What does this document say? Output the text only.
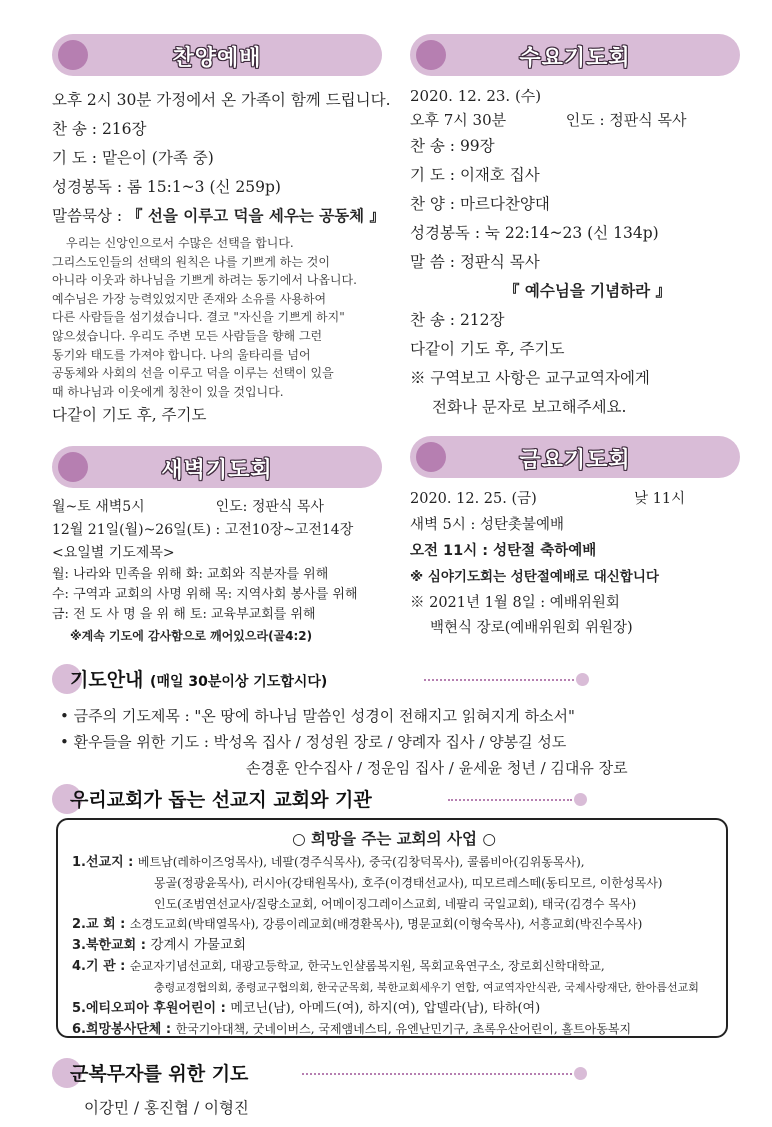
찬양예배
오후 2시 30분 가정에서 온 가족이 함께 드립니다.
찬 송 : 216장
기 도 : 맡은이 (가족 중)
성경봉독 : 롬 15:1~3 (신 259p)
말씀묵상 : 『 선을 이루고 덕을 세우는 공동체 』
우리는 신앙인으로서 수많은 선택을 합니다.
그리스도인들의 선택의 원칙은 나를 기쁘게 하는 것이
아니라 이웃과 하나님을 기쁘게 하려는 동기에서 나옵니다.
예수님은 가장 능력있었지만 존재와 소유를 사용하여
다른 사람들을 섬기셨습니다. 결코 "자신을 기쁘게 하지"
않으셨습니다. 우리도 주변 모든 사람들을 향해 그런
동기와 태도를 가져야 합니다. 나의 울타리를 넘어
공동체와 사회의 선을 이루고 덕을 이루는 선택이 있을
때 하나님과 이웃에게 칭찬이 있을 것입니다.
다같이 기도 후, 주기도
새벽기도회
월~토 새벽5시	인도: 정판식 목사
12월 21일(월)~26일(토) : 고전10장~고전14장
<요일별 기도제목>
월: 나라와 민족을 위해 화: 교회와 직분자를 위해
수: 구역과 교회의 사명 위해 목: 지역사회 봉사를 위해
금: 전 도 사 명 을 위 해 토: 교육부교회를 위해
※계속 기도에 감사함으로 깨어있으라(골4:2)
수요기도회
2020. 12. 23. (수)
오후 7시 30분	인도 : 정판식 목사
찬 송 : 99장
기 도 : 이재호 집사
찬 양 : 마르다찬양대
성경봉독 : 눅 22:14~23 (신 134p)
말 씀 : 정판식 목사
『 예수님을 기념하라 』
찬 송 : 212장
다같이 기도 후, 주기도
※ 구역보고 사항은 교구교역자에게
전화나 문자로 보고해주세요.
금요기도회
2020. 12. 25. (금)	낮 11시
새벽 5시 : 성탄촛불예배
오전 11시 : 성탄절 축하예배
※ 심야기도회는 성탄절예배로 대신합니다
※ 2021년 1월 8일 : 예배위원회
백현식 장로(예배위원회 위원장)
기도안내 (매일 30분이상 기도합시다)
• 금주의 기도제목 : "온 땅에 하나님 말씀인 성경이 전해지고 읽혀지게 하소서"
• 환우들을 위한 기도 : 박성옥 집사 / 정성원 장로 / 양례자 집사 / 양봉길 성도
손경훈 안수집사 / 정운임 집사 / 윤세윤 청년 / 김대유 장로
우리교회가 돕는 선교지 교회와 기관
○ 희망을 주는 교회의 사업 ○
1.선교지 : 베트남(레하이즈엉목사), 네팔(경주식목사), 중국(김창덕목사), 콜롬비아(김위동목사),
몽골(정광윤목사), 러시아(강태원목사), 호주(이경태선교사), 띠모르레스떼(동티모르, 이한성목사)
인도(조범연선교사/질랑소교회, 어메이징그레이스교회, 네팔리 국일교회), 태국(김경수 목사)
2.교 회 : 소경도교회(박태열목사), 강릉이레교회(배경환목사), 명문교회(이형숙목사), 서흥교회(박진수목사)
3.북한교회 : 강계시 가물교회
4.기 관 : 순교자기념선교회, 대광고등학교, 한국노인샬롬복지원, 목회교육연구소, 장로회신학대학교,
충령교경협의회, 종령교구협의회, 한국군목회, 북한교회세우기 연합, 여교역자안식관, 국제사랑재단, 한아름선교회
5.에티오피아 후원어린이 : 메코닌(남), 아메드(여), 하지(여), 압델라(남), 타하(여)
6.희망봉사단체 : 한국기아대책, 굿네이버스, 국제앰네스티, 유엔난민기구, 초록우산어린이, 홀트아동복지
군복무자를 위한 기도
이강민 / 홍진협 / 이형진
